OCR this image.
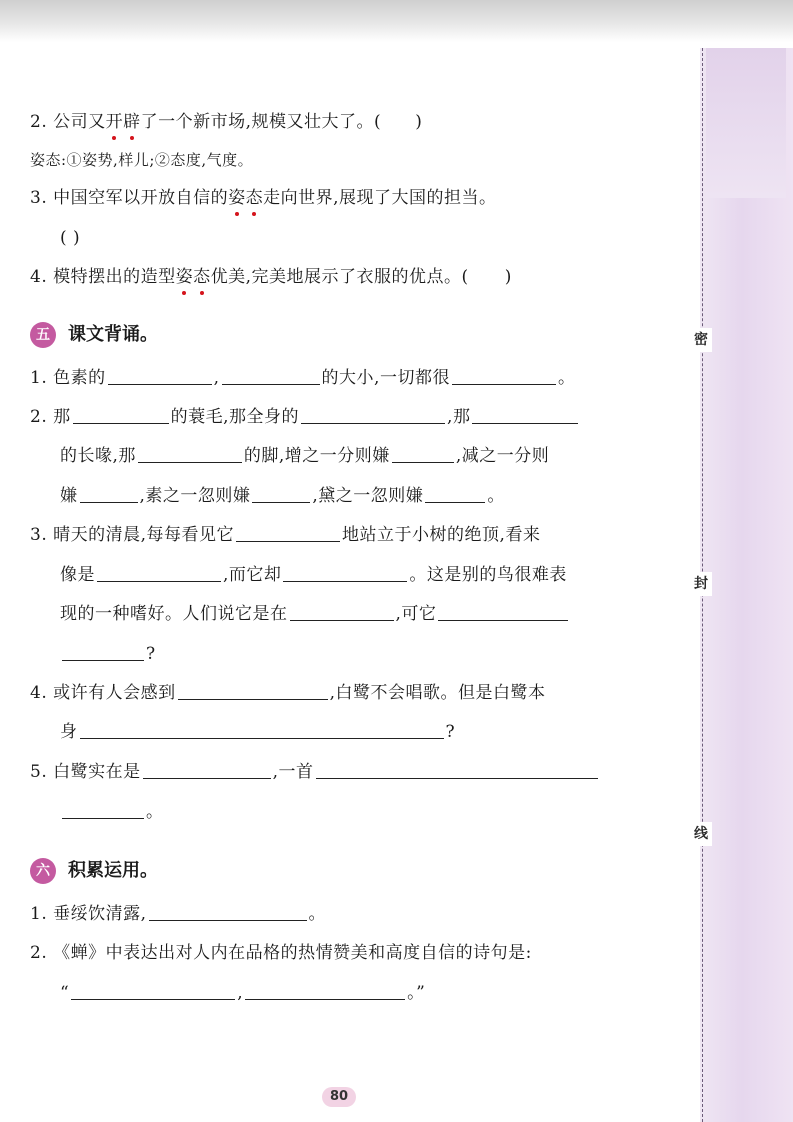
密
封
线
2. 公司又开辟了一个新市场,规模又壮大了。( )
姿态:①姿势,样儿;②态度,气度。
3. 中国空军以开放自信的姿态走向世界,展现了大国的担当。
( )
4. 模特摆出的造型姿态优美,完美地展示了衣服的优点。( )
五 课文背诵。
1. 色素的	,	的大小,一切都很	。
2. 那	的蓑毛,那全身的	,那
的长喙,那	的脚,增之一分则嫌	,减之一分则
嫌	,素之一忽则嫌	,黛之一忽则嫌	。
3. 晴天的清晨,每每看见它	地站立于小树的绝顶,看来
像是	,而它却	。这是别的鸟很难表
现的一种嗜好。人们说它是在	,可它
?
4. 或许有人会感到	,白鹭不会唱歌。但是白鹭本
身	?
5. 白鹭实在是	,一首
。
六 积累运用。
1. 垂绥饮清露,	。
2. 《蝉》中表达出对人内在品格的热情赞美和高度自信的诗句是:
“	,	。”
80
